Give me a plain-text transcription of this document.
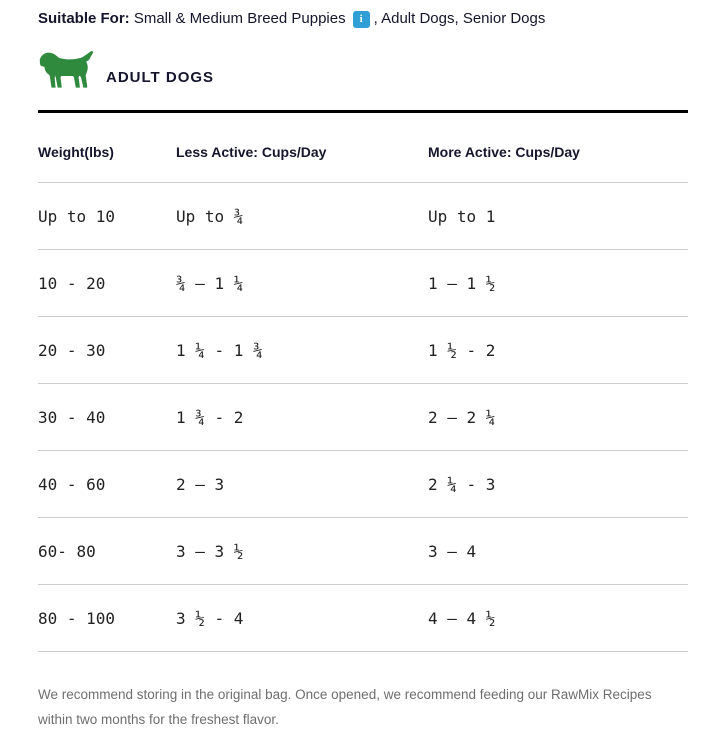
Suitable For: Small & Medium Breed Puppies	i , Adult Dogs, Senior Dogs
ADULT DOGS
Weight(lbs)	Less Active: Cups/Day	More Active: Cups/Day
Up to 10	Up to ¾	Up to 1
10 - 20	¾ – 1 ¼	1 – 1 ½
20 - 30	1 ¼ - 1 ¾	1 ½ - 2
30 - 40	1 ¾ - 2	2 – 2 ¼
40 - 60	2 – 3	2 ¼ - 3
60- 80	3 – 3 ½	3 – 4
80 - 100	3 ½ - 4	4 – 4 ½
We recommend storing in the original bag. Once opened, we recommend feeding our RawMix Recipes within two months for the freshest flavor.
